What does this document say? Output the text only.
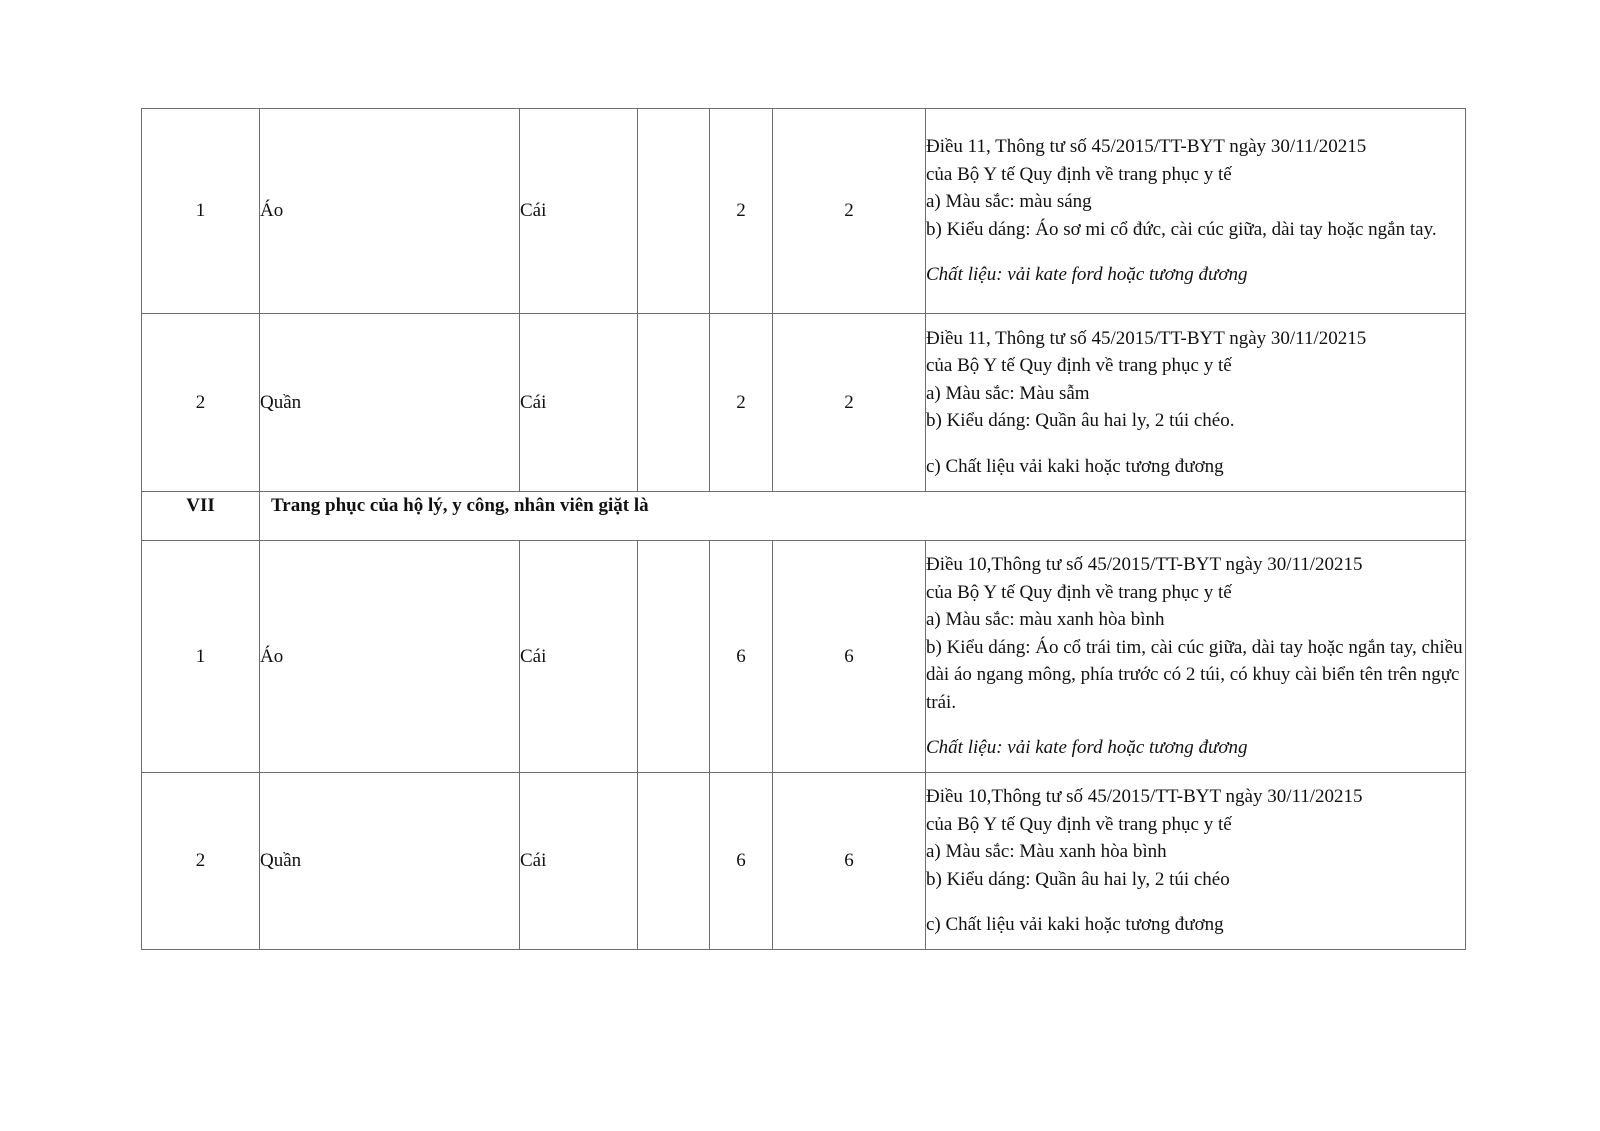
1	Áo	Cái		2	2	Điều 11, Thông tư số 45/2015/TT-BYT ngày 30/11/20215
của Bộ Y tế Quy định về trang phục y tế
a) Màu sắc: màu sáng
b) Kiểu dáng: Áo sơ mi cổ đức, cài cúc giữa, dài tay hoặc ngắn tay.
Chất liệu: vải kate ford hoặc tương đương

2	Quần	Cái		2	2	Điều 11, Thông tư số 45/2015/TT-BYT ngày 30/11/20215
của Bộ Y tế Quy định về trang phục y tế
a) Màu sắc: Màu sẫm
b) Kiểu dáng: Quần âu hai ly, 2 túi chéo.
c) Chất liệu vải kaki hoặc tương đương

VII	Trang phục của hộ lý, y công, nhân viên giặt là					
1	Áo	Cái		6	6	Điều 10,Thông tư số 45/2015/TT-BYT ngày 30/11/20215
của Bộ Y tế Quy định về trang phục y tế
a) Màu sắc: màu xanh hòa bình
b) Kiểu dáng: Áo cổ trái tim, cài cúc giữa, dài tay hoặc ngắn tay, chiều dài áo ngang mông, phía trước có 2 túi, có khuy cài biển tên trên ngực trái.
Chất liệu: vải kate ford hoặc tương đương

2	Quần	Cái		6	6	Điều 10,Thông tư số 45/2015/TT-BYT ngày 30/11/20215
của Bộ Y tế Quy định về trang phục y tế
a) Màu sắc: Màu xanh hòa bình
b) Kiểu dáng: Quần âu hai ly, 2 túi chéo
c) Chất liệu vải kaki hoặc tương đương
